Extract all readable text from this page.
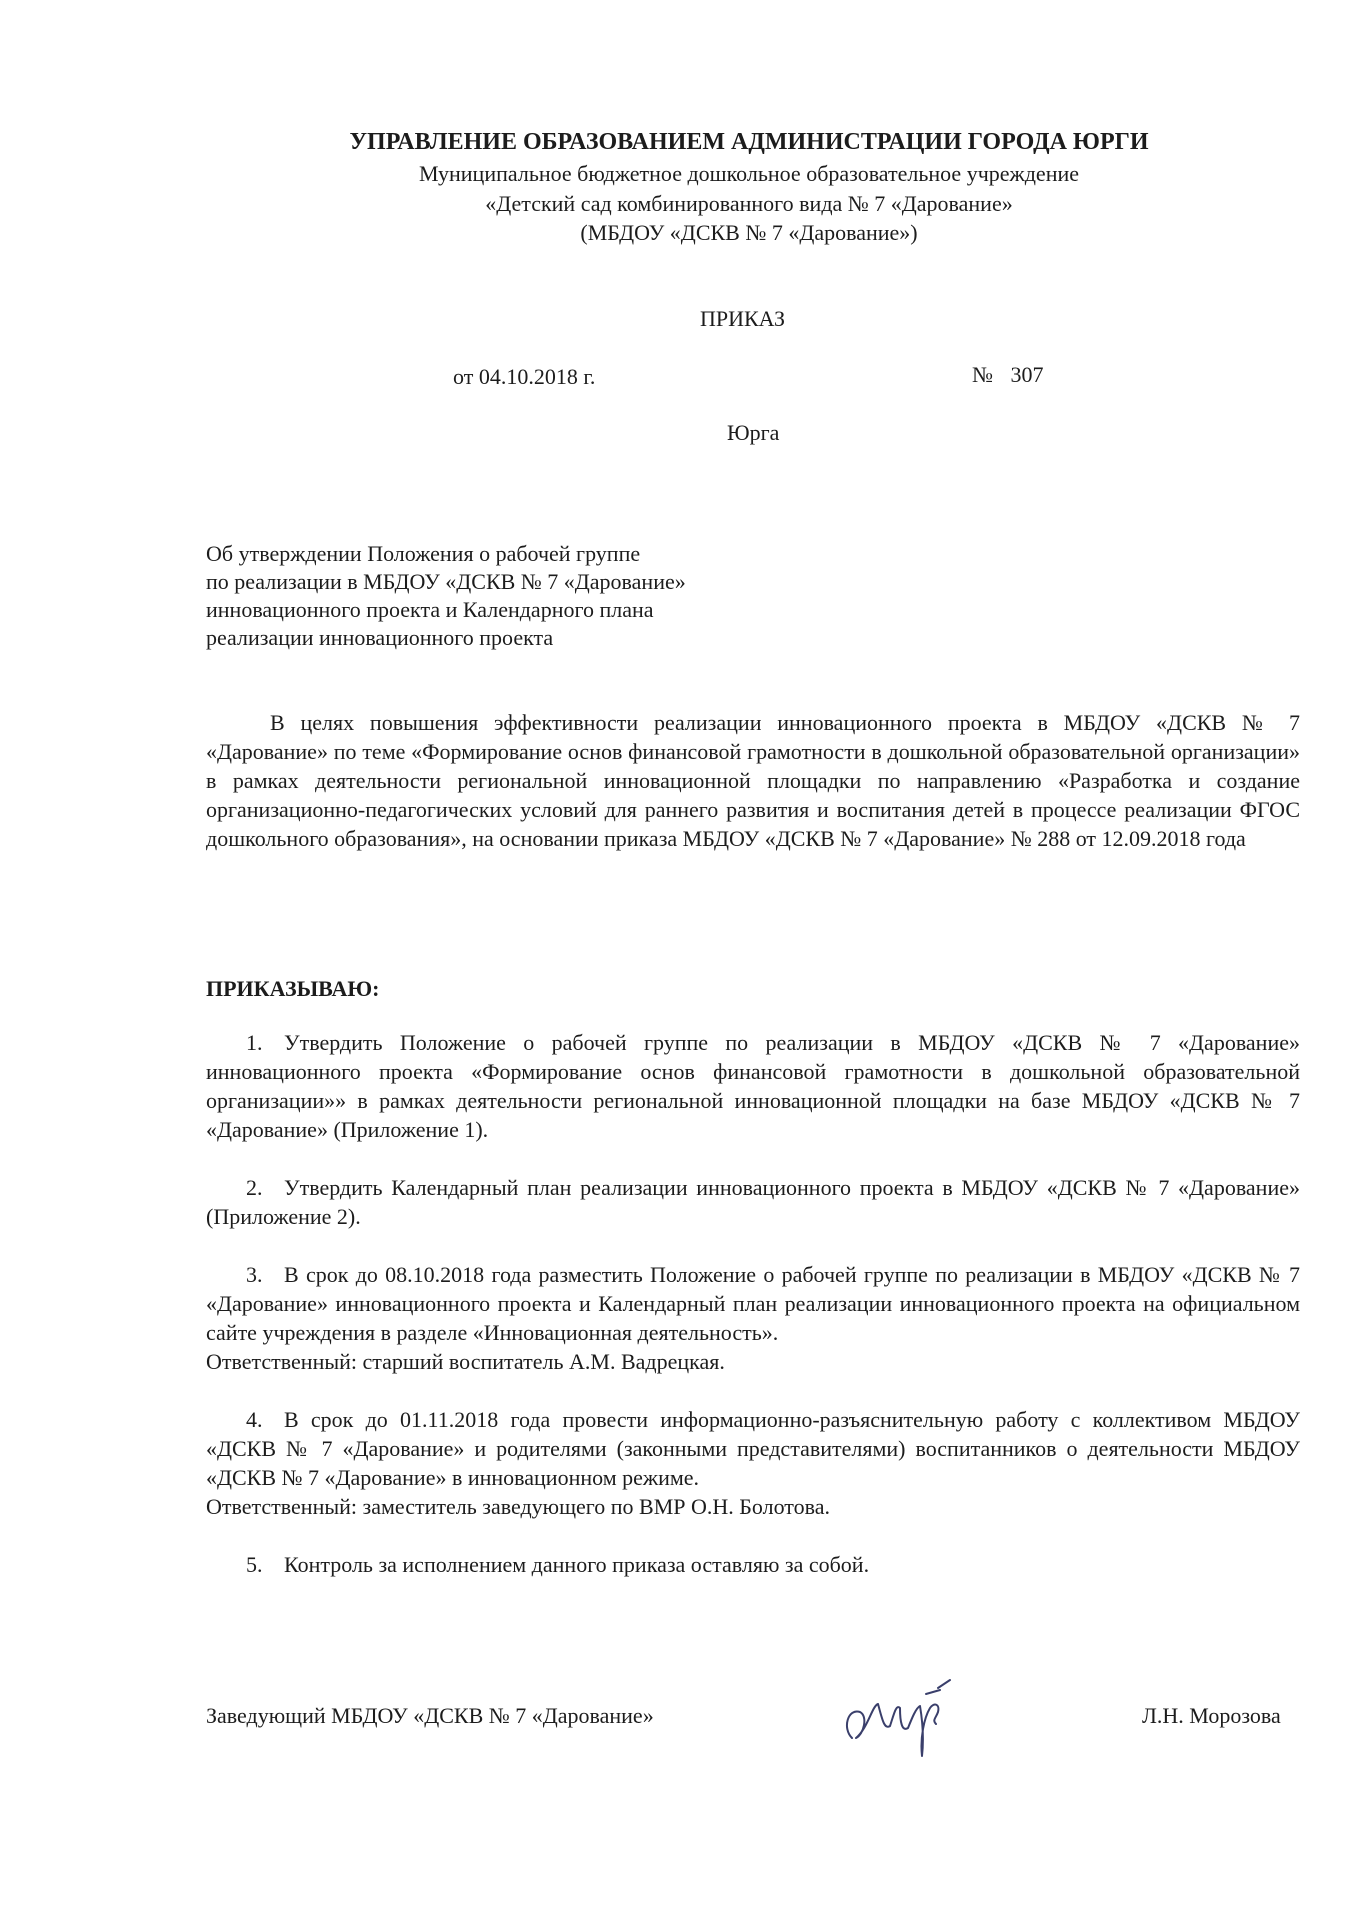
УПРАВЛЕНИЕ ОБРАЗОВАНИЕМ АДМИНИСТРАЦИИ ГОРОДА ЮРГИ
Муниципальное бюджетное дошкольное образовательное учреждение
«Детский сад комбинированного вида № 7 «Дарование»
(МБДОУ «ДСКВ № 7 «Дарование»)
ПРИКАЗ
от 04.10.2018 г.	№ 307
Юрга
Об утверждении Положения о рабочей группе
по реализации в МБДОУ «ДСКВ № 7 «Дарование»
инновационного проекта и Календарного плана
реализации инновационного проекта
В целях повышения эффективности реализации инновационного проекта в МБДОУ «ДСКВ № 7 «Дарование» по теме «Формирование основ финансовой грамотности в дошкольной образовательной организации» в рамках деятельности региональной инновационной площадки по направлению «Разработка и создание организационно-педагогических условий для раннего развития и воспитания детей в процессе реализации ФГОС дошкольного образования», на основании приказа МБДОУ «ДСКВ № 7 «Дарование» № 288 от 12.09.2018 года
ПРИКАЗЫВАЮ:
1. Утвердить Положение о рабочей группе по реализации в МБДОУ «ДСКВ № 7 «Дарование» инновационного проекта «Формирование основ финансовой грамотности в дошкольной образовательной организации»» в рамках деятельности региональной инновационной площадки на базе МБДОУ «ДСКВ № 7 «Дарование» (Приложение 1).
2. Утвердить Календарный план реализации инновационного проекта в МБДОУ «ДСКВ № 7 «Дарование» (Приложение 2).
3. В срок до 08.10.2018 года разместить Положение о рабочей группе по реализации в МБДОУ «ДСКВ № 7 «Дарование» инновационного проекта и Календарный план реализации инновационного проекта на официальном сайте учреждения в разделе «Инновационная деятельность».
Ответственный: старший воспитатель А.М. Вадрецкая.
4. В срок до 01.11.2018 года провести информационно-разъяснительную работу с коллективом МБДОУ «ДСКВ № 7 «Дарование» и родителями (законными представителями) воспитанников о деятельности МБДОУ «ДСКВ № 7 «Дарование» в инновационном режиме.
Ответственный: заместитель заведующего по ВМР О.Н. Болотова.
5. Контроль за исполнением данного приказа оставляю за собой.
Заведующий МБДОУ «ДСКВ № 7 «Дарование»	Л.Н. Морозова
